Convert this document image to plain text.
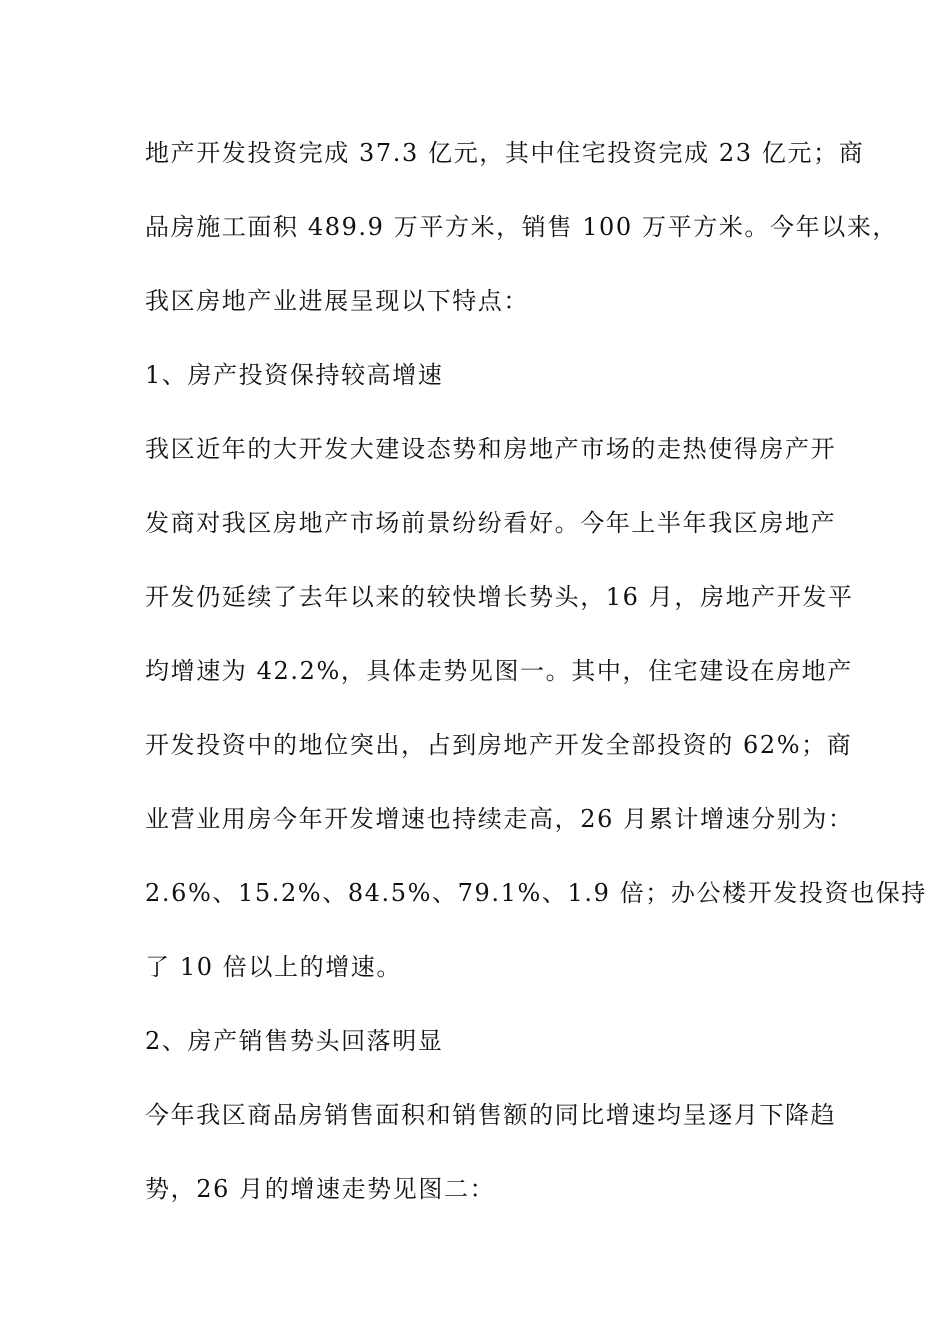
地产开发投资完成 37.3 亿元，其中住宅投资完成 23 亿元；商
品房施工面积 489.9 万平方米，销售 100 万平方米。今年以来，
我区房地产业进展呈现以下特点：
1、房产投资保持较高增速
我区近年的大开发大建设态势和房地产市场的走热使得房产开
发商对我区房地产市场前景纷纷看好。今年上半年我区房地产
开发仍延续了去年以来的较快增长势头，16 月，房地产开发平
均增速为 42.2%，具体走势见图一。其中，住宅建设在房地产
开发投资中的地位突出，占到房地产开发全部投资的 62%；商
业营业用房今年开发增速也持续走高，26 月累计增速分别为：
2.6%、15.2%、84.5%、79.1%、1.9 倍；办公楼开发投资也保持
了 10 倍以上的增速。
2、房产销售势头回落明显
今年我区商品房销售面积和销售额的同比增速均呈逐月下降趋
势，26 月的增速走势见图二：
